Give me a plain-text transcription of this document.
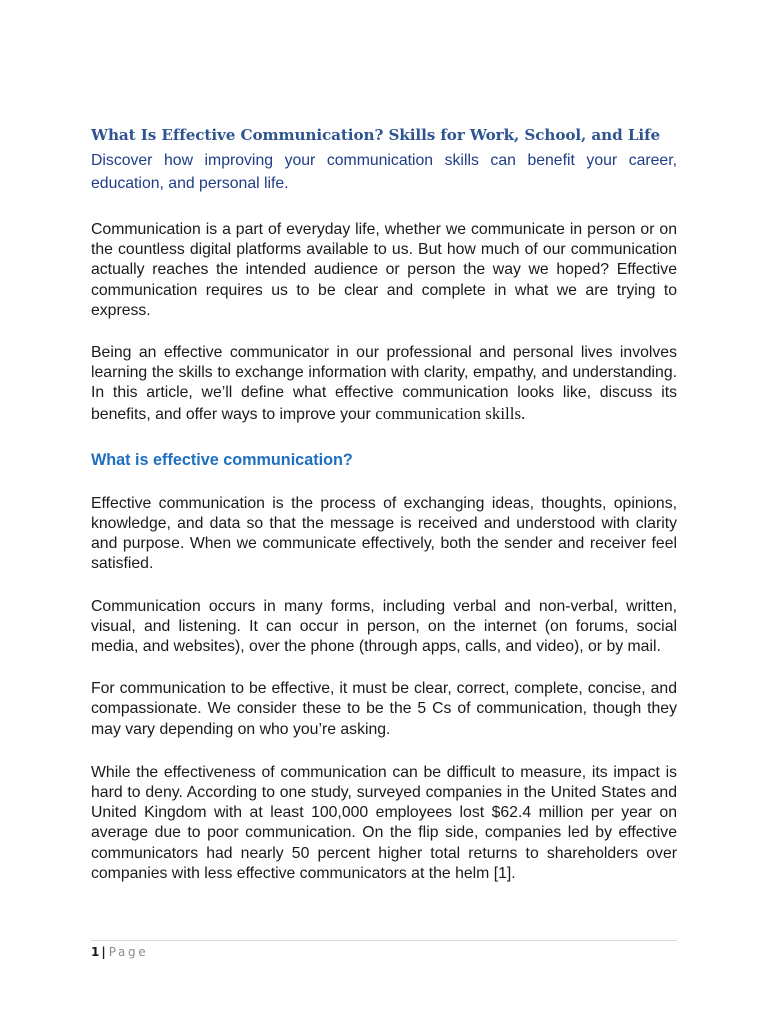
What Is Effective Communication? Skills for Work, School, and Life

Discover how improving your communication skills can benefit your career, education, and personal life.

Communication is a part of everyday life, whether we communicate in person or on the countless digital platforms available to us. But how much of our communication actually reaches the intended audience or person the way we hoped? Effective communication requires us to be clear and complete in what we are trying to express.

Being an effective communicator in our professional and personal lives involves learning the skills to exchange information with clarity, empathy, and understanding. In this article, we’ll define what effective communication looks like, discuss its benefits, and offer ways to improve your communication skills.

What is effective communication?

Effective communication is the process of exchanging ideas, thoughts, opinions, knowledge, and data so that the message is received and understood with clarity and purpose. When we communicate effectively, both the sender and receiver feel satisfied.

Communication occurs in many forms, including verbal and non-verbal, written, visual, and listening. It can occur in person, on the internet (on forums, social media, and websites), over the phone (through apps, calls, and video), or by mail.

For communication to be effective, it must be clear, correct, complete, concise, and compassionate. We consider these to be the 5 Cs of communication, though they may vary depending on who you’re asking.

While the effectiveness of communication can be difficult to measure, its impact is hard to deny. According to one study, surveyed companies in the United States and United Kingdom with at least 100,000 employees lost $62.4 million per year on average due to poor communication. On the flip side, companies led by effective communicators had nearly 50 percent higher total returns to shareholders over companies with less effective communicators at the helm [1].

1 | Page
